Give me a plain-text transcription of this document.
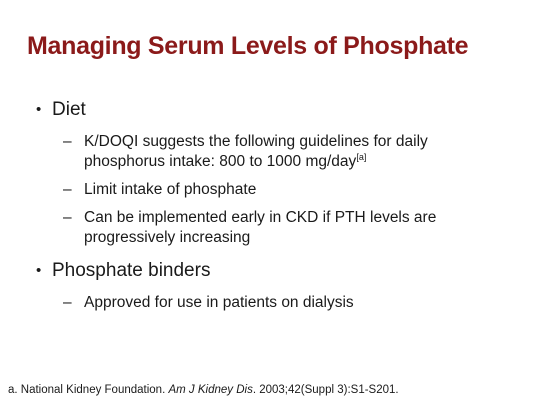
Managing Serum Levels of Phosphate
• Diet
– K/DOQI suggests the following guidelines for daily
phosphorus intake: 800 to 1000 mg/day[a]
– Limit intake of phosphate
– Can be implemented early in CKD if PTH levels are
progressively increasing
• Phosphate binders
– Approved for use in patients on dialysis
a. National Kidney Foundation. Am J Kidney Dis. 2003;42(Suppl 3):S1-S201.
